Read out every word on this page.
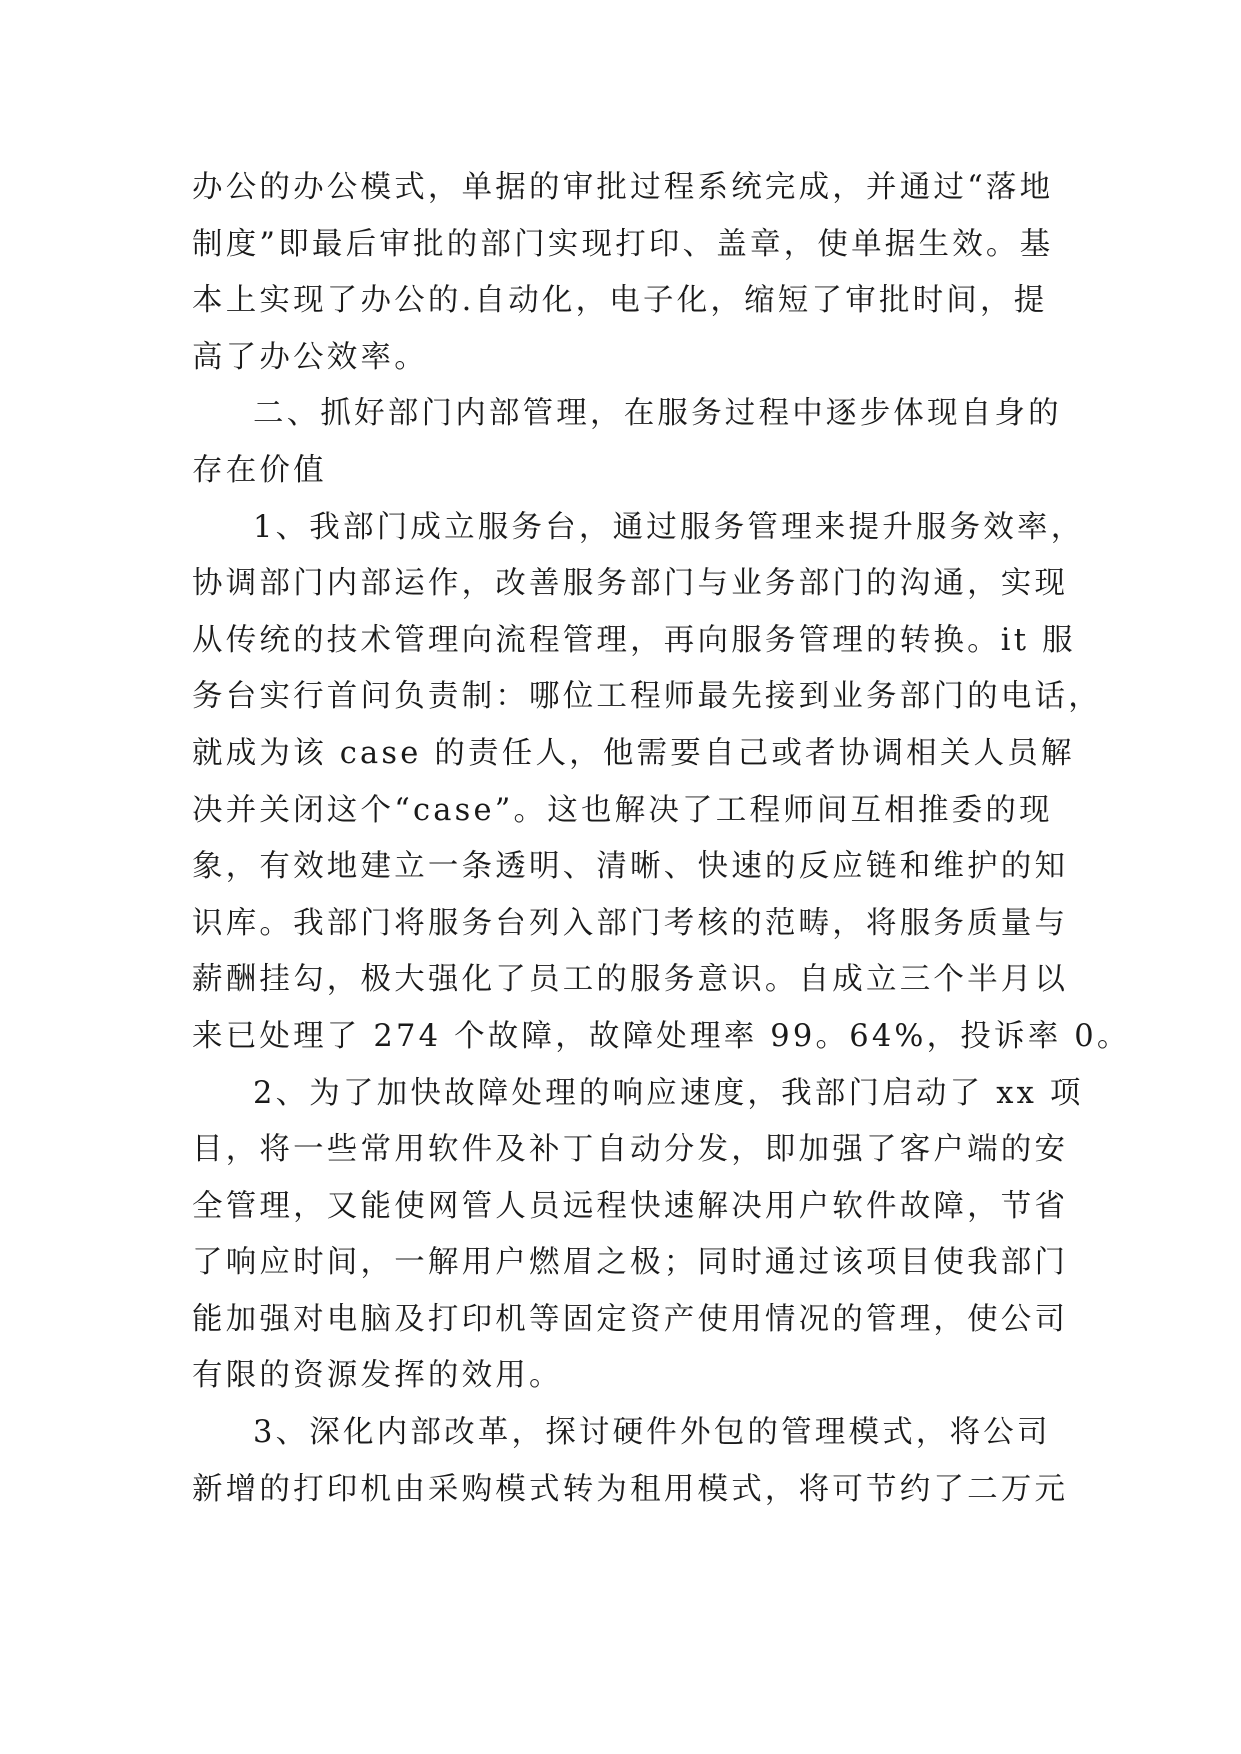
办公的办公模式，单据的审批过程系统完成，并通过“落地
制度”即最后审批的部门实现打印、盖章，使单据生效。基
本上实现了办公的.自动化，电子化，缩短了审批时间，提
高了办公效率。
二、抓好部门内部管理，在服务过程中逐步体现自身的
存在价值
1、我部门成立服务台，通过服务管理来提升服务效率，
协调部门内部运作，改善服务部门与业务部门的沟通，实现
从传统的技术管理向流程管理，再向服务管理的转换。it 服
务台实行首问负责制：哪位工程师最先接到业务部门的电话，
就成为该 case 的责任人，他需要自己或者协调相关人员解
决并关闭这个“case”。这也解决了工程师间互相推委的现
象，有效地建立一条透明、清晰、快速的反应链和维护的知
识库。我部门将服务台列入部门考核的范畴，将服务质量与
薪酬挂勾，极大强化了员工的服务意识。自成立三个半月以
来已处理了 274 个故障，故障处理率 99。64%，投诉率 0。
2、为了加快故障处理的响应速度，我部门启动了 xx 项
目，将一些常用软件及补丁自动分发，即加强了客户端的安
全管理，又能使网管人员远程快速解决用户软件故障，节省
了响应时间，一解用户燃眉之极；同时通过该项目使我部门
能加强对电脑及打印机等固定资产使用情况的管理，使公司
有限的资源发挥的效用。
3、深化内部改革，探讨硬件外包的管理模式，将公司
新增的打印机由采购模式转为租用模式，将可节约了二万元
